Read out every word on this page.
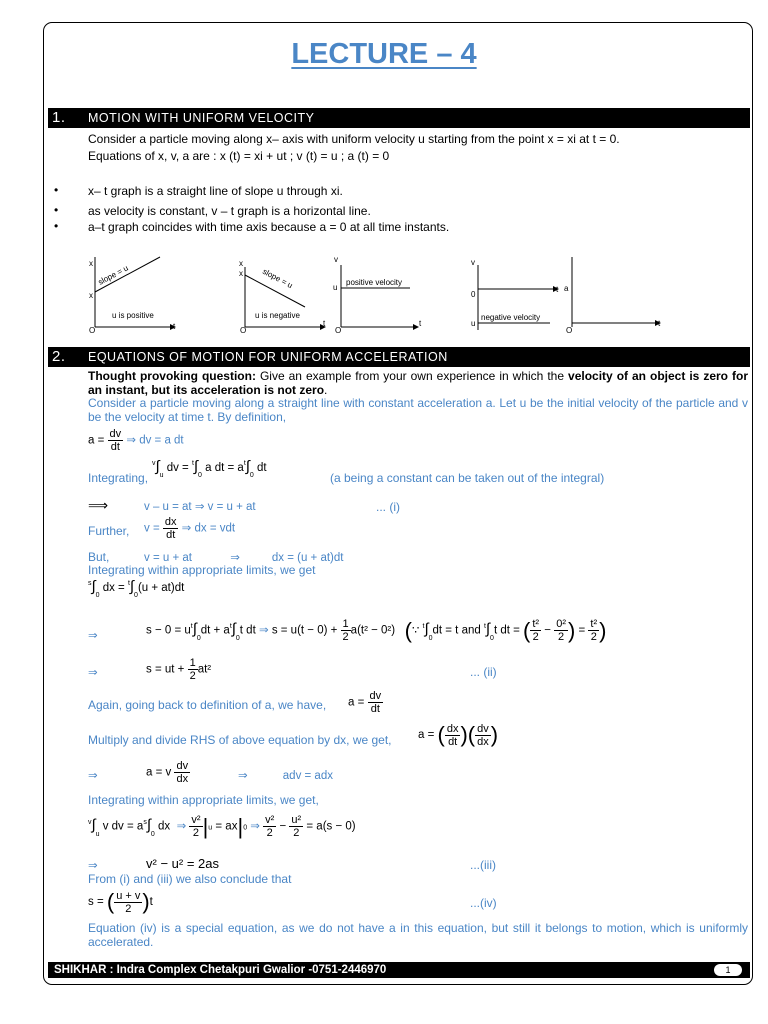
LECTURE – 4
1. MOTION WITH UNIFORM VELOCITY
Consider a particle moving along x– axis with uniform velocity u starting from the point x = xi at t = 0.
Equations of x, v, a are : x (t) = xi + ut ; v (t) = u ; a (t) = 0
• x– t graph is a straight line of slope u through xi.
• as velocity is constant, v – t graph is a horizontal line.
• a–t graph coincides with time axis because a = 0 at all time instants.
x
x
slope = u
u is positive
O	t
x
x slope = u
u is negative
O
t
v
u
positive velocity
O
t
v
u
negative velocity
0
t a
O
t
2. EQUATIONS OF MOTION FOR UNIFORM ACCELERATION
Thought provoking question: Give an example from your own experience in which the velocity of an object is zero for an instant, but its acceleration is not zero.
Consider a particle moving along a straight line with constant acceleration a. Let u be the initial velocity of the particle and v be the velocity at time t. By definition,
$a = \frac{dv}{dt}$ ⇒ dv = a dt
Integrating,
$^v\int_u$ dv = $^t\int_0$ a dt = $a^t\int_0$ dt
(a being a constant can be taken out of the integral)
⟹	v – u = at ⇒ v = u + at	... (i)
Further, $v = \frac{dx}{dt}$ ⇒ dx = vdt
But,	v = u + at            ⇒          dx = (u + at)dt
Integrating within appropriate limits, we get
$^s\int_0$ dx = $^t\int_0(u + at)dt$
⇒	$s - 0 = u^t\int_0dt + a^t\int_0t$ dt ⇒ $s = u(t - 0) + \frac{1}{2} a(t^2 - 0^2)$   (∵ $^t\int_0dt = t$ and $^t\int_0t$ dt = ( $\frac{\text{t²}}{2} - \frac{\text{0²}}{2}$ ) = $\frac{\text{t²}}{2}$ )
⇒	s = ut + $\frac{1}{2} at^2$	... (ii)
Again, going back to definition of a, we have, $a = \frac{dv}{dt}$
Multiply and divide RHS of above equation by dx, we get, a = ( $\frac{dx}{dt}$ )( $\frac{dv}{dx}$ )
⇒	a = v $\frac{dv}{dx}$	⇒           adv = adx
Integrating within appropriate limits, we get,
$^v\int_u$ v dv = $a^s\int_0$ dx  ⇒ $\frac{\text{v²}}{2} |u = ax|0$ ⇒ $\frac{\text{v²}}{2} - \frac{\text{u²}}{2} = a(s - 0)$
⇒	v² − u² = 2as	...(iii)
From (i) and (iii) we also conclude that
s = ( $\frac{u + v}{2} )t$	...(iv)
Equation (iv) is a special equation, as we do not have a in this equation, but still it belongs to motion, which is uniformly accelerated.
SHIKHAR : Indra Complex Chetakpuri Gwalior -0751-2446970	1
